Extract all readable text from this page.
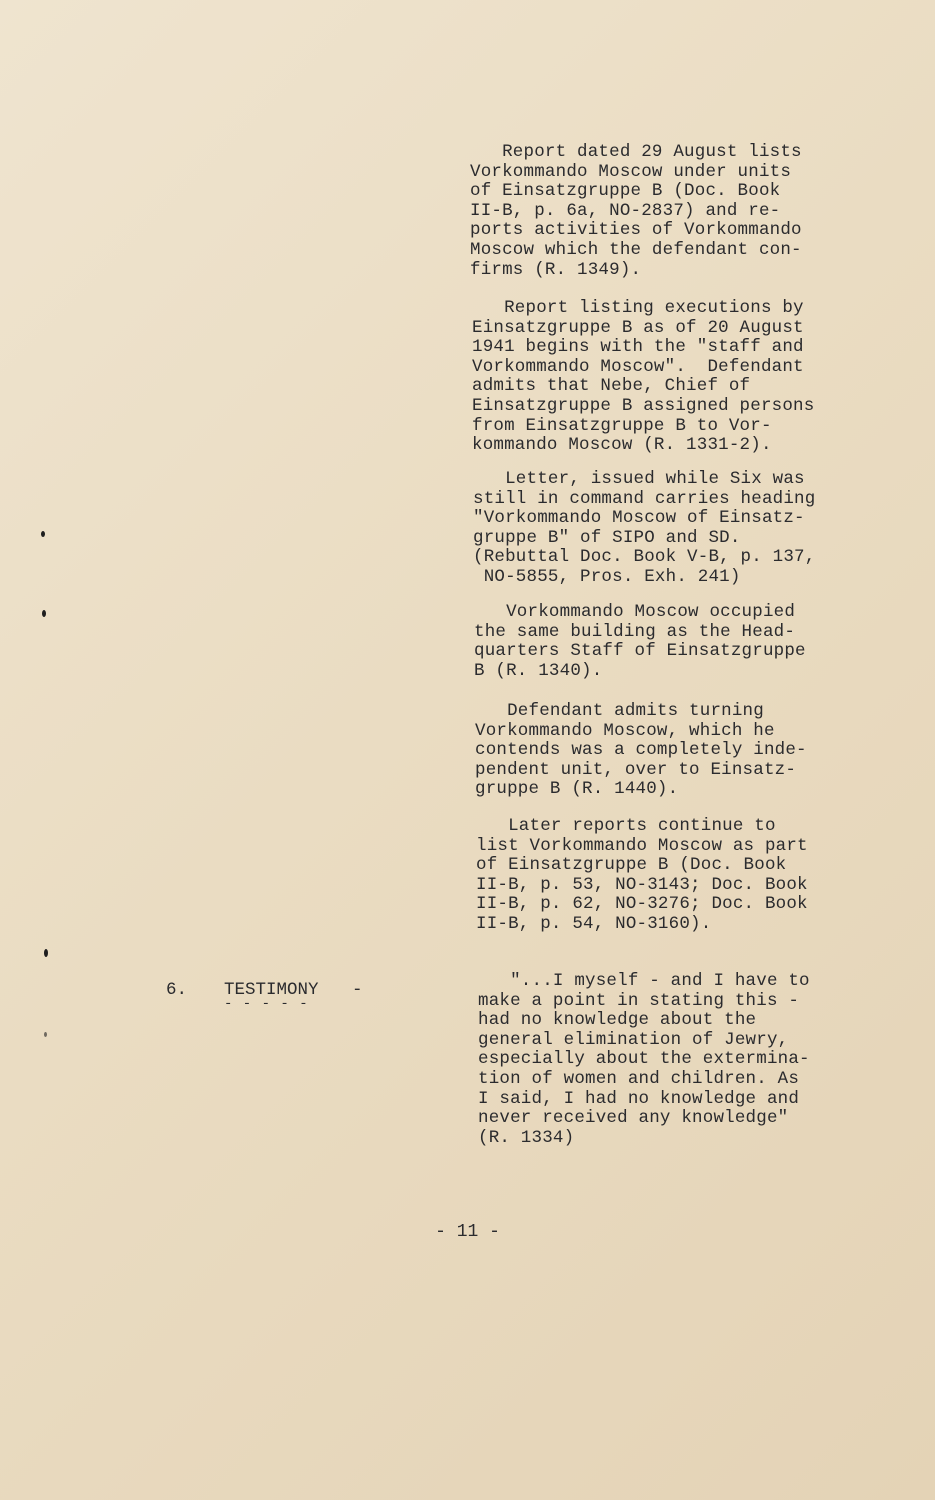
Report dated 29 August lists
Vorkommando Moscow under units
of Einsatzgruppe B (Doc. Book
II-B, p. 6a, NO-2837) and re-
ports activities of Vorkommando
Moscow which the defendant con-
firms (R. 1349).
Report listing executions by
Einsatzgruppe B as of 20 August
1941 begins with the "staff and
Vorkommando Moscow".  Defendant
admits that Nebe, Chief of
Einsatzgruppe B assigned persons
from Einsatzgruppe B to Vor-
kommando Moscow (R. 1331-2).
Letter, issued while Six was
still in command carries heading
"Vorkommando Moscow of Einsatz-
gruppe B" of SIPO and SD.
(Rebuttal Doc. Book V-B, p. 137,
NO-5855, Pros. Exh. 241)
Vorkommando Moscow occupied
the same building as the Head-
quarters Staff of Einsatzgruppe
B (R. 1340).
Defendant admits turning
Vorkommando Moscow, which he
contends was a completely inde-
pendent unit, over to Einsatz-
gruppe B (R. 1440).
Later reports continue to
list Vorkommando Moscow as part
of Einsatzgruppe B (Doc. Book
II-B, p. 53, NO-3143; Doc. Book
II-B, p. 62, NO-3276; Doc. Book
II-B, p. 54, NO-3160).
"...I myself - and I have to
make a point in stating this -
had no knowledge about the
general elimination of Jewry,
especially about the extermina-
tion of women and children. As
I said, I had no knowledge and
never received any knowledge"
(R. 1334)
6. TESTIMONY
- - - - -
-
- 11 -
